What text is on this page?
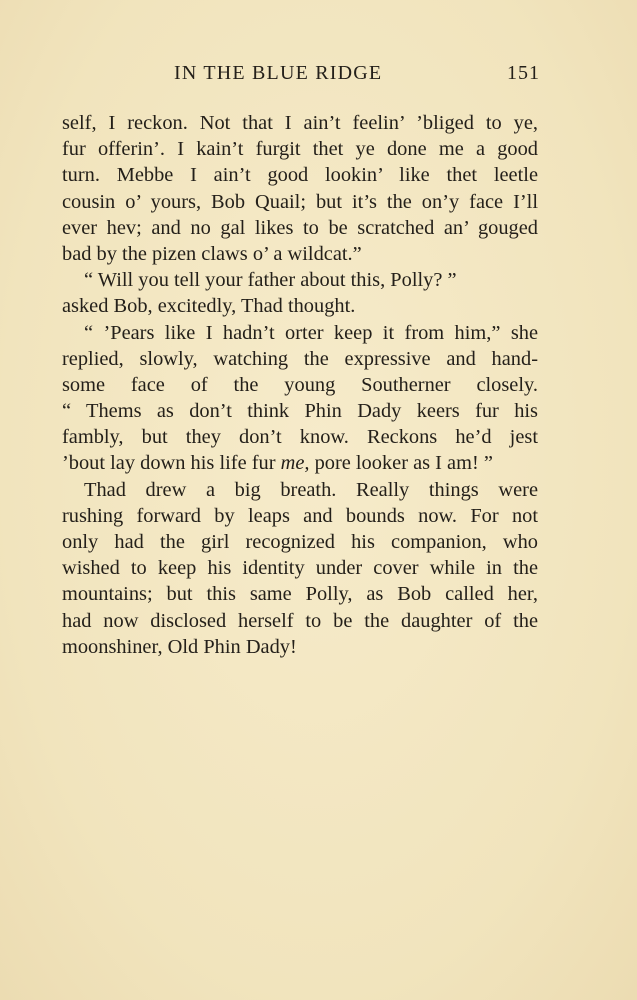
IN THE BLUE RIDGE	151
self, I reckon. Not that I ain’t feelin’ ’bliged to ye,
fur offerin’. I kain’t furgit thet ye done me a good
turn. Mebbe I ain’t good lookin’ like thet leetle
cousin o’ yours, Bob Quail; but it’s the on’y face I’ll
ever hev; and no gal likes to be scratched an’ gouged
bad by the pizen claws o’ a wildcat.”
“ Will you tell your father about this, Polly? ”
asked Bob, excitedly, Thad thought.
“ ’Pears like I hadn’t orter keep it from him,” she
replied, slowly, watching the expressive and hand-
some face of the young Southerner closely.
“ Thems as don’t think Phin Dady keers fur his
fambly, but they don’t know. Reckons he’d jest
’bout lay down his life fur me, pore looker as I am! ”
Thad drew a big breath. Really things were
rushing forward by leaps and bounds now. For not
only had the girl recognized his companion, who
wished to keep his identity under cover while in the
mountains; but this same Polly, as Bob called her,
had now disclosed herself to be the daughter of the
moonshiner, Old Phin Dady!
